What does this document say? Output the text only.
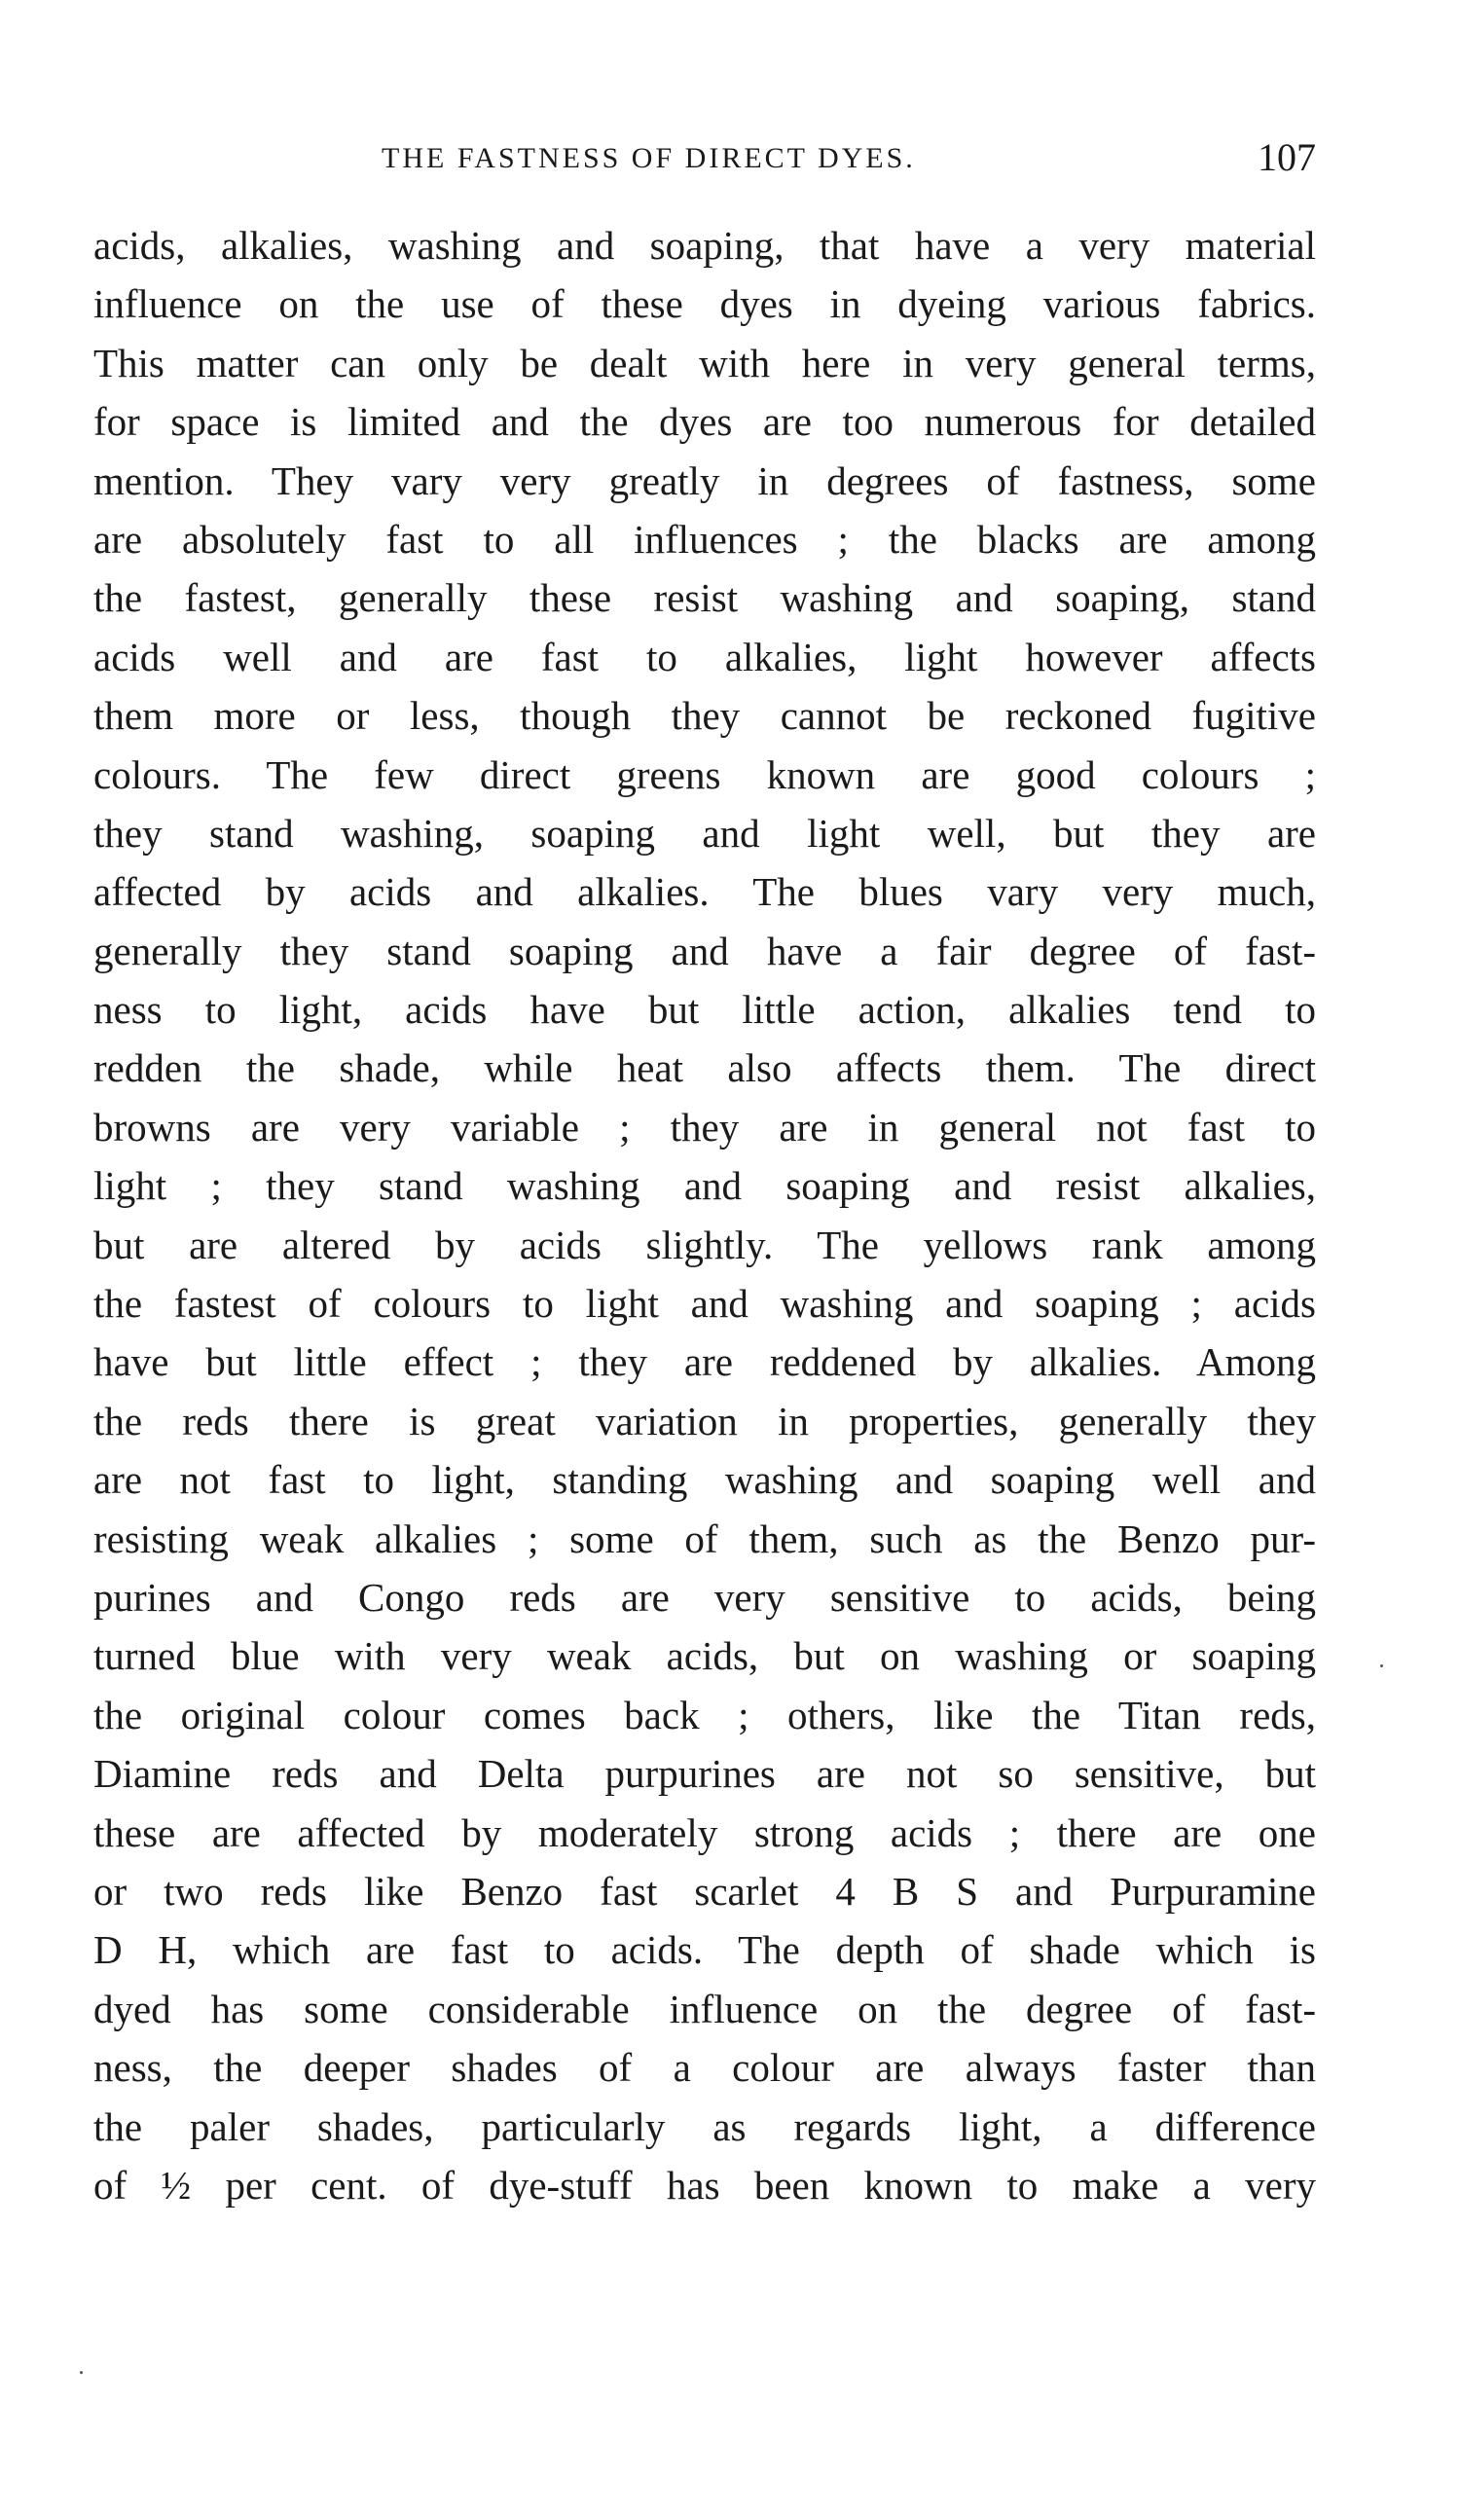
THE FASTNESS OF DIRECT DYES.	107
acids, alkalies, washing and soaping, that have a very material
influence on the use of these dyes in dyeing various fabrics.
This matter can only be dealt with here in very general terms,
for space is limited and the dyes are too numerous for detailed
mention. They vary very greatly in degrees of fastness, some
are absolutely fast to all influences ; the blacks are among
the fastest, generally these resist washing and soaping, stand
acids well and are fast to alkalies, light however affects
them more or less, though they cannot be reckoned fugitive
colours. The few direct greens known are good colours ;
they stand washing, soaping and light well, but they are
affected by acids and alkalies. The blues vary very much,
generally they stand soaping and have a fair degree of fast-
ness to light, acids have but little action, alkalies tend to
redden the shade, while heat also affects them. The direct
browns are very variable ; they are in general not fast to
light ; they stand washing and soaping and resist alkalies,
but are altered by acids slightly. The yellows rank among
the fastest of colours to light and washing and soaping ; acids
have but little effect ; they are reddened by alkalies. Among
the reds there is great variation in properties, generally they
are not fast to light, standing washing and soaping well and
resisting weak alkalies ; some of them, such as the Benzo pur-
purines and Congo reds are very sensitive to acids, being
turned blue with very weak acids, but on washing or soaping
the original colour comes back ; others, like the Titan reds,
Diamine reds and Delta purpurines are not so sensitive, but
these are affected by moderately strong acids ; there are one
or two reds like Benzo fast scarlet 4 B S and Purpuramine
D H, which are fast to acids. The depth of shade which is
dyed has some considerable influence on the degree of fast-
ness, the deeper shades of a colour are always faster than
the paler shades, particularly as regards light, a difference
of ½ per cent. of dye-stuff has been known to make a very
